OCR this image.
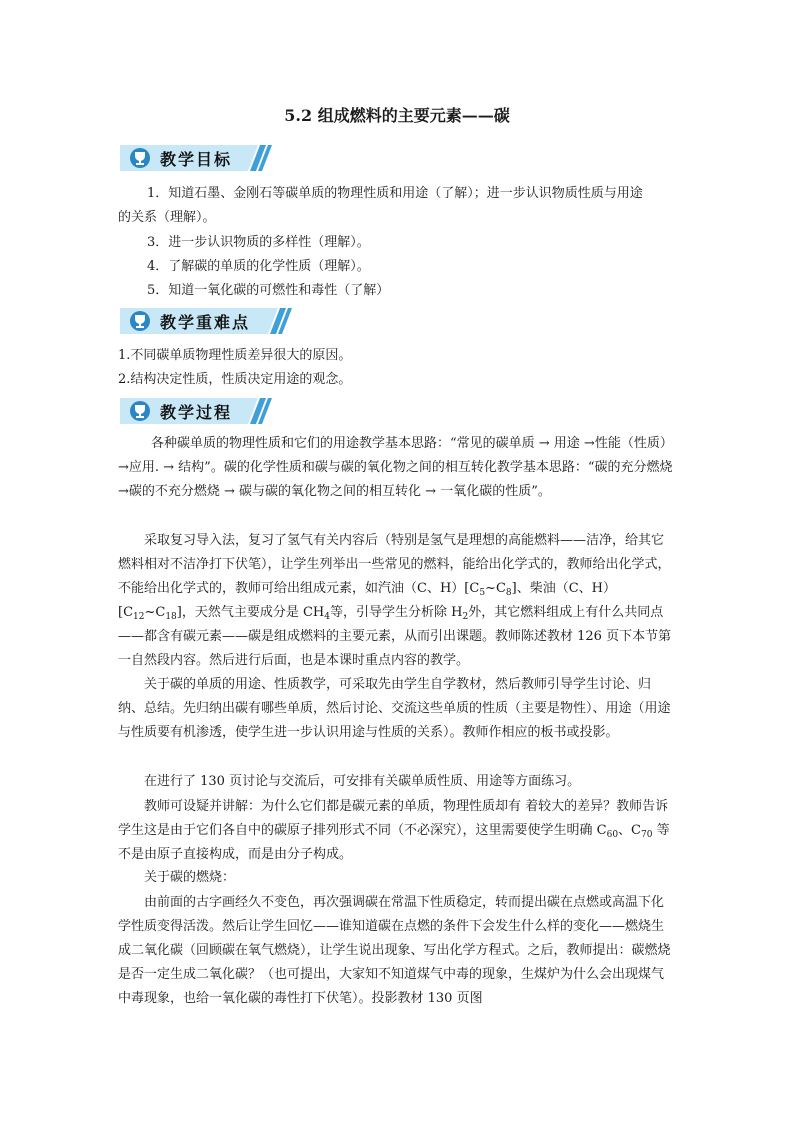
5.2 组成燃料的主要元素——碳
教学目标
1．知道石墨、金刚石等碳单质的物理性质和用途（了解）；进一步认识物质性质与用途
的关系（理解）。
3．进一步认识物质的多样性（理解）。
4．了解碳的单质的化学性质（理解）。
5．知道一氧化碳的可燃性和毒性（了解）
教学重难点
1.不同碳单质物理性质差异很大的原因。
2.结构决定性质，性质决定用途的观念。
教学过程
各种碳单质的物理性质和它们的用途教学基本思路：“常见的碳单质 → 用途 →性能（性质）→应用. → 结构”。碳的化学性质和碳与碳的氧化物之间的相互转化教学基本思路：“碳的充分燃烧 →碳的不充分燃烧 → 碳与碳的氧化物之间的相互转化 → 一氧化碳的性质”。
采取复习导入法，复习了氢气有关内容后（特别是氢气是理想的高能燃料——洁净，给其它燃料相对不洁净打下伏笔），让学生列举出一些常见的燃料，能给出化学式的，教师给出化学式，不能给出化学式的，教师可给出组成元素，如汽油（C、$H)[C_5\sim C_8]$、柴油（C、$H)[C_{12}\sim C_{18}]$，天然气主要成分是 $CH_4$等，引导学生分析除 $H_2$外，其它燃料组成上有什么共同点——都含有碳元素——碳是组成燃料的主要元素，从而引出课题。教师陈述教材 126 页下本节第一自然段内容。然后进行后面，也是本课时重点内容的教学。
关于碳的单质的用途、性质教学，可采取先由学生自学教材，然后教师引导学生讨论、归纳、总结。先归纳出碳有哪些单质，然后讨论、交流这些单质的性质（主要是物性）、用途（用途与性质要有机渗透，使学生进一步认识用途与性质的关系）。教师作相应的板书或投影。
在进行了 130 页讨论与交流后，可安排有关碳单质性质、用途等方面练习。
教师可设疑并讲解：为什么它们都是碳元素的单质，物理性质却有 着较大的差异？教师告诉学生这是由于它们各自中的碳原子排列形式不同（不必深究），这里需要使学生明确 $C_{60}$、$C_{70}$ 等不是由原子直接构成，而是由分子构成。
关于碳的燃烧：
由前面的古字画经久不变色，再次强调碳在常温下性质稳定，转而提出碳在点燃或高温下化学性质变得活泼。然后让学生回忆——谁知道碳在点燃的条件下会发生什么样的变化——燃烧生成二氧化碳（回顾碳在氧气燃烧），让学生说出现象、写出化学方程式。之后，教师提出：碳燃烧是否一定生成二氧化碳？（也可提出，大家知不知道煤气中毒的现象，生煤炉为什么会出现煤气中毒现象，也给一氧化碳的毒性打下伏笔）。投影教材 130 页图
